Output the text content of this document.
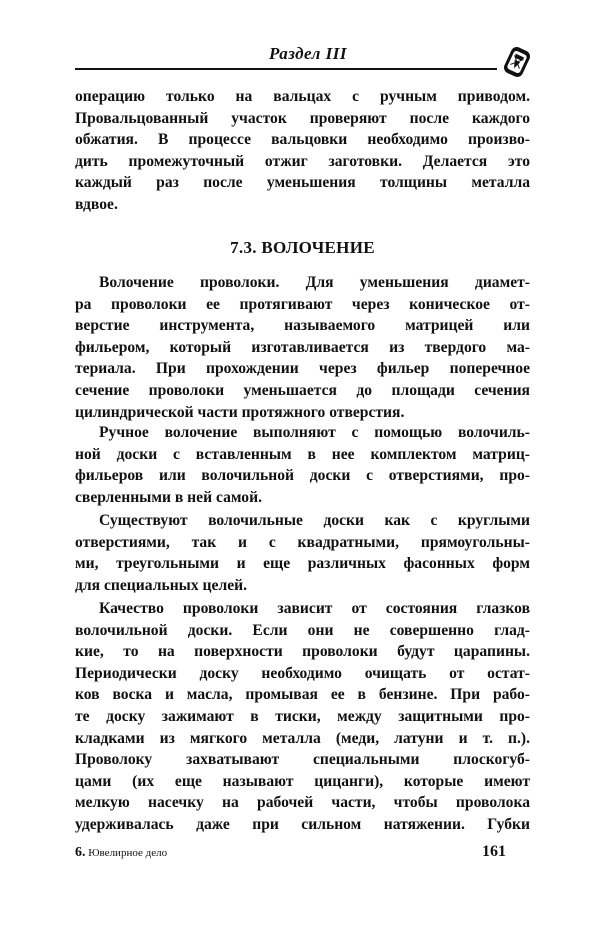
Раздел III
операцию только на вальцах с ручным приводом.
Провальцованный участок проверяют после каждого
обжатия. В процессе вальцовки необходимо произво-
дить промежуточный отжиг заготовки. Делается это
каждый раз после уменьшения толщины металла
вдвое.
7.3. ВОЛОЧЕНИЕ
Волочение проволоки. Для уменьшения диамет-
ра проволоки ее протягивают через коническое от-
верстие инструмента, называемого матрицей или
фильером, который изготавливается из твердого ма-
териала. При прохождении через фильер поперечное
сечение проволоки уменьшается до площади сечения
цилиндрической части протяжного отверстия.
Ручное волочение выполняют с помощью волочиль-
ной доски с вставленным в нее комплектом матриц-
фильеров или волочильной доски с отверстиями, про-
сверленными в ней самой.
Существуют волочильные доски как с круглыми
отверстиями, так и с квадратными, прямоугольны-
ми, треугольными и еще различных фасонных форм
для специальных целей.
Качество проволоки зависит от состояния глазков
волочильной доски. Если они не совершенно глад-
кие, то на поверхности проволоки будут царапины.
Периодически доску необходимо очищать от остат-
ков воска и масла, промывая ее в бензине. При рабо-
те доску зажимают в тиски, между защитными про-
кладками из мягкого металла (меди, латуни и т. п.).
Проволоку захватывают специальными плоскогуб-
цами (их еще называют цицанги), которые имеют
мелкую насечку на рабочей части, чтобы проволока
удерживалась даже при сильном натяжении. Губки
6. Ювелирное дело	161
